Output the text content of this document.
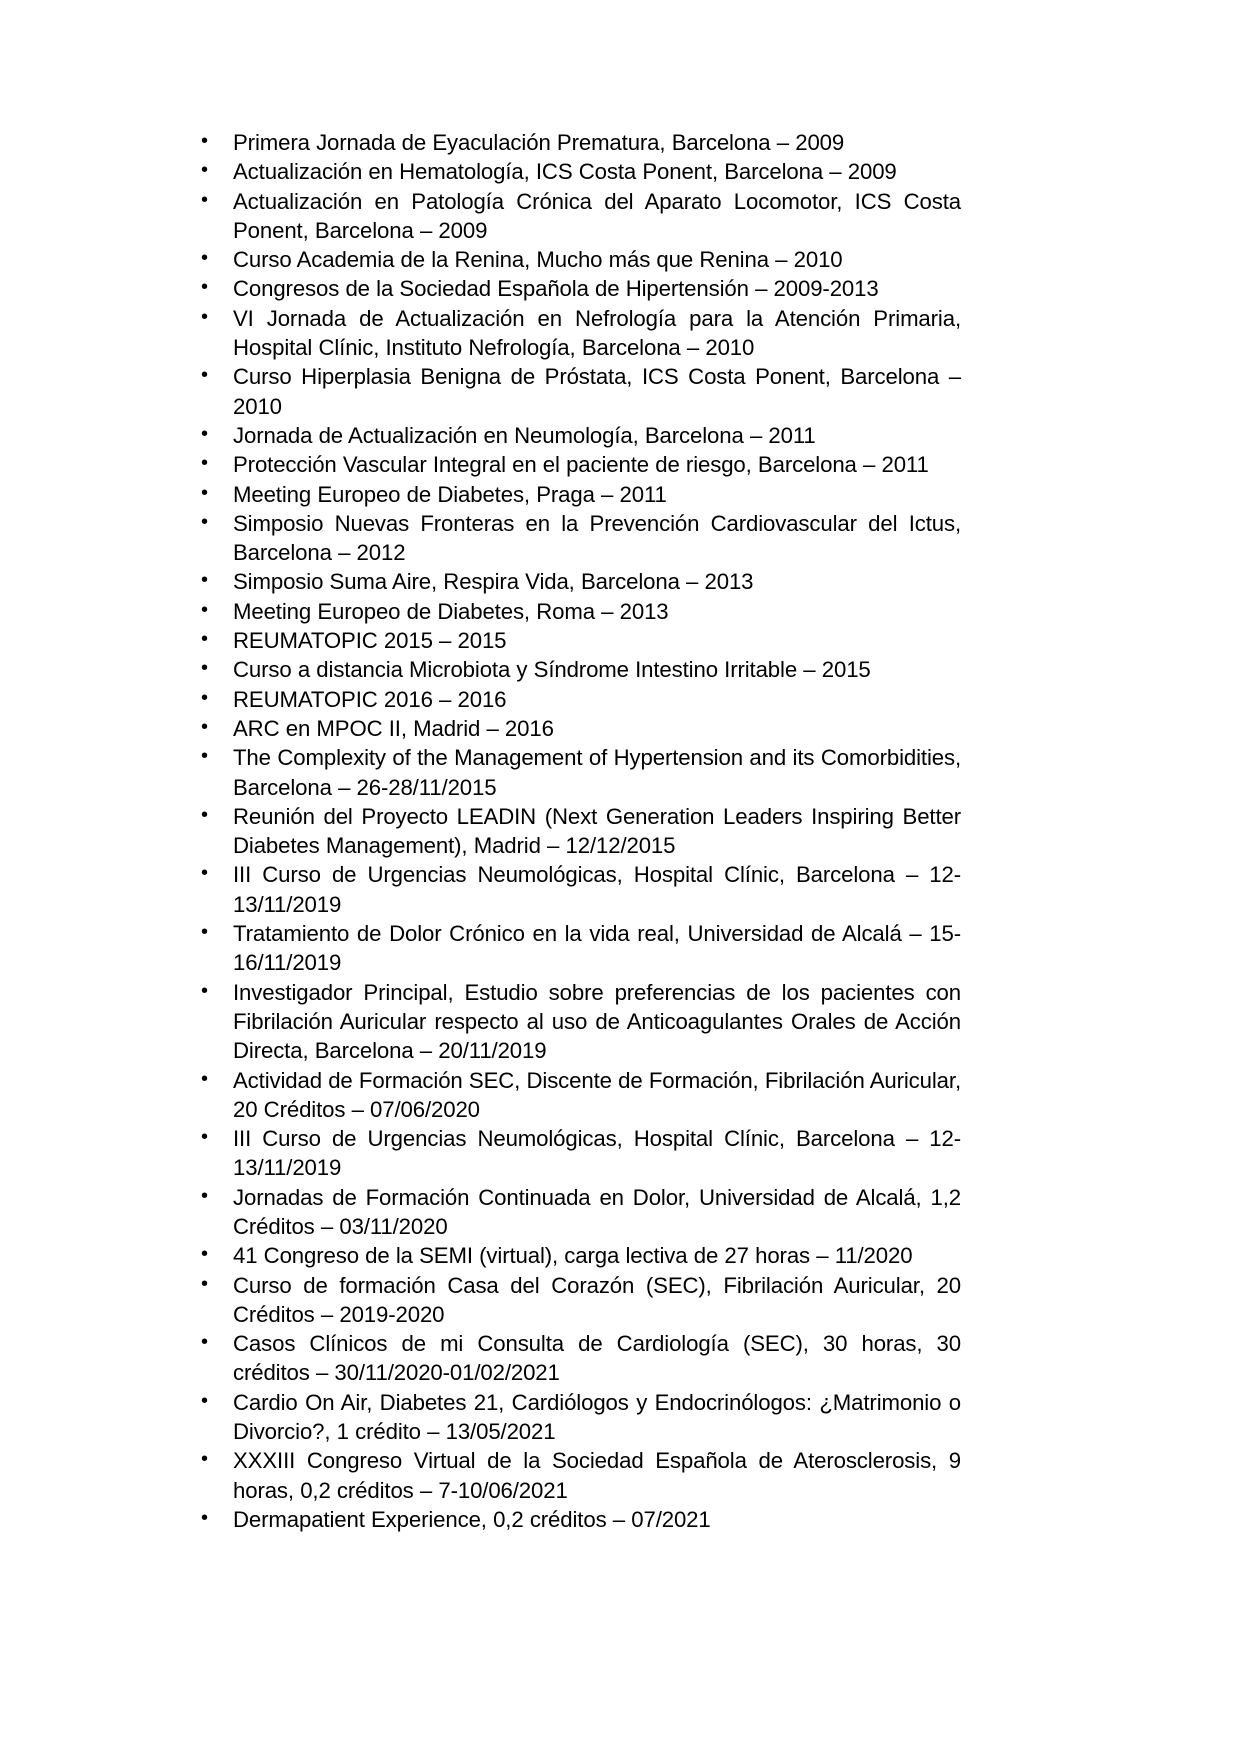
• Primera Jornada de Eyaculación Prematura, Barcelona – 2009
• Actualización en Hematología, ICS Costa Ponent, Barcelona – 2009
• Actualización en Patología Crónica del Aparato Locomotor, ICS Costa Ponent, Barcelona – 2009
• Curso Academia de la Renina, Mucho más que Renina – 2010
• Congresos de la Sociedad Española de Hipertensión – 2009-2013
• VI Jornada de Actualización en Nefrología para la Atención Primaria, Hospital Clínic, Instituto Nefrología, Barcelona – 2010
• Curso Hiperplasia Benigna de Próstata, ICS Costa Ponent, Barcelona – 2010
• Jornada de Actualización en Neumología, Barcelona – 2011
• Protección Vascular Integral en el paciente de riesgo, Barcelona – 2011
• Meeting Europeo de Diabetes, Praga – 2011
• Simposio Nuevas Fronteras en la Prevención Cardiovascular del Ictus, Barcelona – 2012
• Simposio Suma Aire, Respira Vida, Barcelona – 2013
• Meeting Europeo de Diabetes, Roma – 2013
• REUMATOPIC 2015 – 2015
• Curso a distancia Microbiota y Síndrome Intestino Irritable – 2015
• REUMATOPIC 2016 – 2016
• ARC en MPOC II, Madrid – 2016
• The Complexity of the Management of Hypertension and its Comorbidities, Barcelona – 26-28/11/2015
• Reunión del Proyecto LEADIN (Next Generation Leaders Inspiring Better Diabetes Management), Madrid – 12/12/2015
• III Curso de Urgencias Neumológicas, Hospital Clínic, Barcelona – 12-13/11/2019
• Tratamiento de Dolor Crónico en la vida real, Universidad de Alcalá – 15-16/11/2019
• Investigador Principal, Estudio sobre preferencias de los pacientes con Fibrilación Auricular respecto al uso de Anticoagulantes Orales de Acción Directa, Barcelona – 20/11/2019
• Actividad de Formación SEC, Discente de Formación, Fibrilación Auricular, 20 Créditos – 07/06/2020
• III Curso de Urgencias Neumológicas, Hospital Clínic, Barcelona – 12-13/11/2019
• Jornadas de Formación Continuada en Dolor, Universidad de Alcalá, 1,2 Créditos – 03/11/2020
• 41 Congreso de la SEMI (virtual), carga lectiva de 27 horas – 11/2020
• Curso de formación Casa del Corazón (SEC), Fibrilación Auricular, 20 Créditos – 2019-2020
• Casos Clínicos de mi Consulta de Cardiología (SEC), 30 horas, 30 créditos – 30/11/2020-01/02/2021
• Cardio On Air, Diabetes 21, Cardiólogos y Endocrinólogos: ¿Matrimonio o Divorcio?, 1 crédito – 13/05/2021
• XXXIII Congreso Virtual de la Sociedad Española de Aterosclerosis, 9 horas, 0,2 créditos – 7-10/06/2021
• Dermapatient Experience, 0,2 créditos – 07/2021
